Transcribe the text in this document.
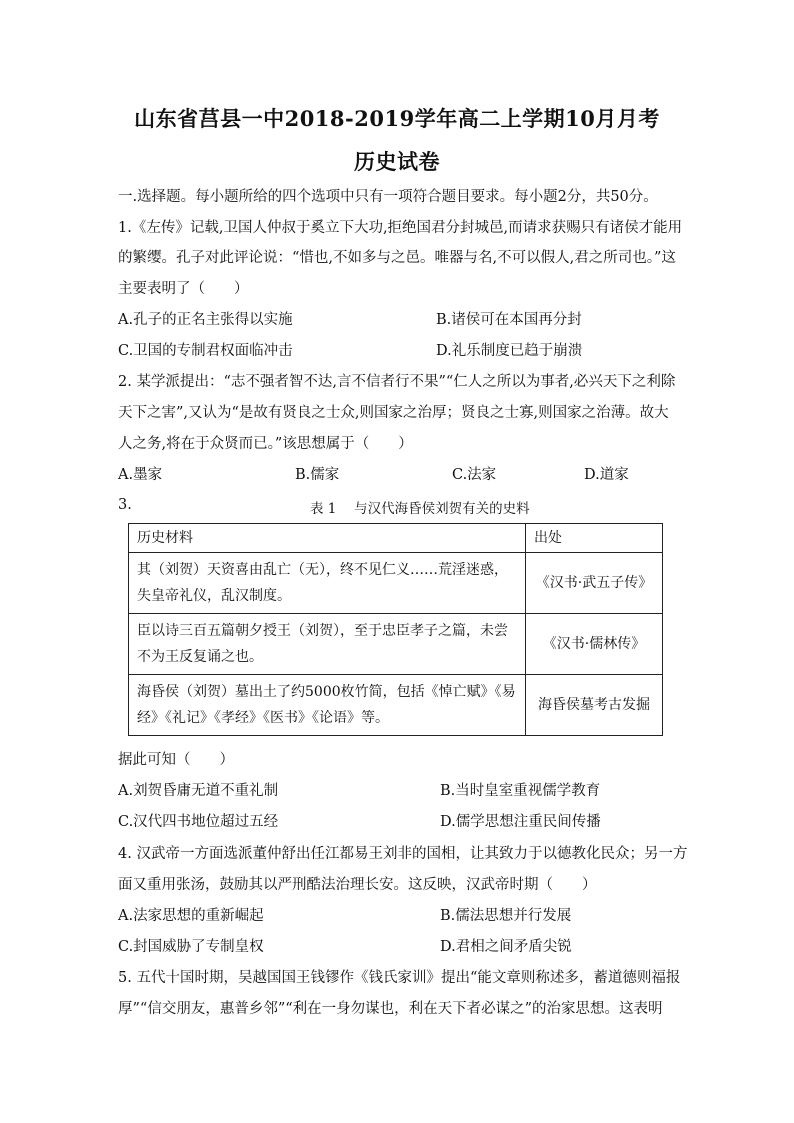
山东省莒县一中2018-2019学年高二上学期10月月考
历史试卷
一.选择题。每小题所给的四个选项中只有一项符合题目要求。每小题2分，共50分。
1.《左传》记载,卫国人仲叔于奚立下大功,拒绝国君分封城邑,而请求获赐只有诸侯才能用
的繁缨。孔子对此评论说：“惜也,不如多与之邑。唯器与名,不可以假人,君之所司也。”这
主要表明了（　　）
A.孔子的正名主张得以实施	B.诸侯可在本国再分封
C.卫国的专制君权面临冲击	D.礼乐制度已趋于崩溃
2. 某学派提出：“志不强者智不达,言不信者行不果”“仁人之所以为事者,必兴天下之利除
天下之害”,又认为“是故有贤良之士众,则国家之治厚；贤良之士寡,则国家之治薄。故大
人之务,将在于众贤而已。”该思想属于（　　）
A.墨家	B.儒家	C.法家	D.道家
3.	表 1　 与汉代海昏侯刘贺有关的史料
历史材料	出处
其（刘贺）天资喜由乱亡（无），终不见仁义……荒淫迷惑，失皇帝礼仪，乱汉制度。	《汉书·武五子传》
臣以诗三百五篇朝夕授王（刘贺），至于忠臣孝子之篇，未尝不为王反复诵之也。	《汉书·儒林传》
海昏侯（刘贺）墓出土了约5000枚竹简，包括《悼亡赋》《易经》《礼记》《孝经》《医书》《论语》等。	海昏侯墓考古发掘
据此可知（　　）
A.刘贺昏庸无道不重礼制	B.当时皇室重视儒学教育
C.汉代四书地位超过五经	D.儒学思想注重民间传播
4. 汉武帝一方面选派董仲舒出任江都易王刘非的国相，让其致力于以德教化民众；另一方
面又重用张汤，鼓励其以严刑酷法治理长安。这反映，汉武帝时期（　　）
A.法家思想的重新崛起	B.儒法思想并行发展
C.封国威胁了专制皇权	D.君相之间矛盾尖锐
5. 五代十国时期，吴越国国王钱镠作《钱氏家训》提出“能文章则称述多，蓄道德则福报
厚”“信交朋友，惠普乡邻”“利在一身勿谋也，利在天下者必谋之”的治家思想。这表明
